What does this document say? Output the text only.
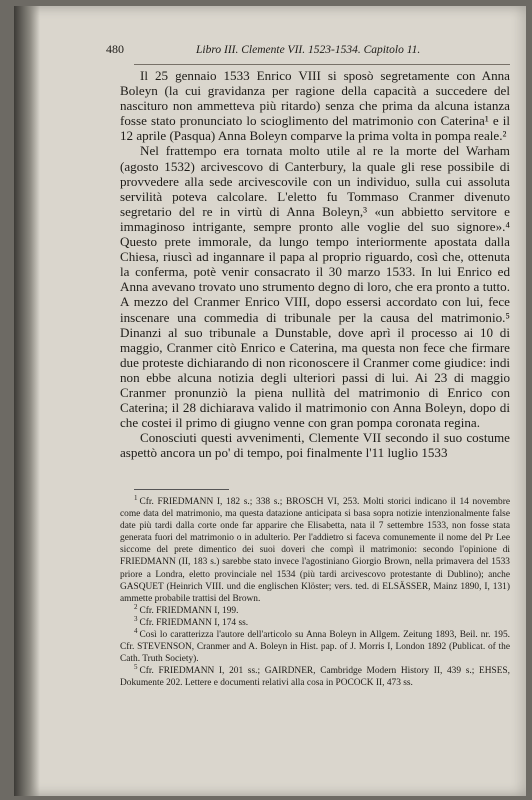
480	Libro III. Clemente VII. 1523-1534. Capitolo 11.

Il 25 gennaio 1533 Enrico VIII si sposò segretamente con Anna Boleyn (la cui gravidanza per ragione della capacità a succedere del nascituro non ammetteva più ritardo) senza che prima da alcuna istanza fosse stato pronunciato lo scioglimento del matrimonio con Caterina¹ e il 12 aprile (Pasqua) Anna Boleyn comparve la prima volta in pompa reale.²

Nel frattempo era tornata molto utile al re la morte del Warham (agosto 1532) arcivescovo di Canterbury, la quale gli rese possibile di provvedere alla sede arcivescovile con un individuo, sulla cui assoluta servilità poteva calcolare. L'eletto fu Tommaso Cranmer divenuto segretario del re in virtù di Anna Boleyn,³ «un abbietto servitore e immaginoso intrigante, sempre pronto alle voglie del suo signore».⁴ Questo prete immorale, da lungo tempo interiormente apostata dalla Chiesa, riuscì ad ingannare il papa al proprio riguardo, così che, ottenuta la conferma, potè venir consacrato il 30 marzo 1533. In lui Enrico ed Anna avevano trovato uno strumento degno di loro, che era pronto a tutto. A mezzo del Cranmer Enrico VIII, dopo essersi accordato con lui, fece inscenare una commedia di tribunale per la causa del matrimonio.⁵ Dinanzi al suo tribunale a Dunstable, dove aprì il processo ai 10 di maggio, Cranmer citò Enrico e Caterina, ma questa non fece che firmare due proteste dichiarando di non riconoscere il Cranmer come giudice: indi non ebbe alcuna notizia degli ulteriori passi di lui. Ai 23 di maggio Cranmer pronunziò la piena nullità del matrimonio di Enrico con Caterina; il 28 dichiarava valido il matrimonio con Anna Boleyn, dopo di che costei il primo di giugno venne con gran pompa coronata regina.

Conosciuti questi avvenimenti, Clemente VII secondo il suo costume aspettò ancora un po' di tempo, poi finalmente l'11 luglio 1533

$^1$ Cfr. FRIEDMANN I, 182 s.; 338 s.; BROSCH VI, 253. Molti storici indicano il 14 novembre come data del matrimonio, ma questa datazione anticipata si basa sopra notizie intenzionalmente false date più tardi dalla corte onde far apparire che Elisabetta, nata il 7 settembre 1533, non fosse stata generata fuori del matrimonio o in adulterio. Per l'addietro si faceva comunemente il nome del Pr Lee siccome del prete dimentico dei suoi doveri che compì il matrimonio: secondo l'opinione di FRIEDMANN (II, 183 s.) sarebbe stato invece l'agostiniano Giorgio Brown, nella primavera del 1533 priore a Londra, eletto provinciale nel 1534 (più tardi arcivescovo protestante di Dublino); anche GASQUET (Heinrich VIII. und die englischen Klöster; vers. ted. di ELSÄSSER, Mainz 1890, I, 131) ammette probabile trattisi del Brown.

$^2$ Cfr. FRIEDMANN I, 199.

$^3$ Cfr. FRIEDMANN I, 174 ss.

$^4$ Così lo caratterizza l'autore dell'articolo su Anna Boleyn in Allgem. Zeitung 1893, Beil. nr. 195. Cfr. STEVENSON, Cranmer and A. Boleyn in Hist. pap. of J. Morris I, London 1892 (Publicat. of the Cath. Truth Society).

$^5$ Cfr. FRIEDMANN I, 201 ss.; GAIRDNER, Cambridge Modern History II, 439 s.; EHSES, Dokumente 202. Lettere e documenti relativi alla cosa in POCOCK II, 473 ss.
